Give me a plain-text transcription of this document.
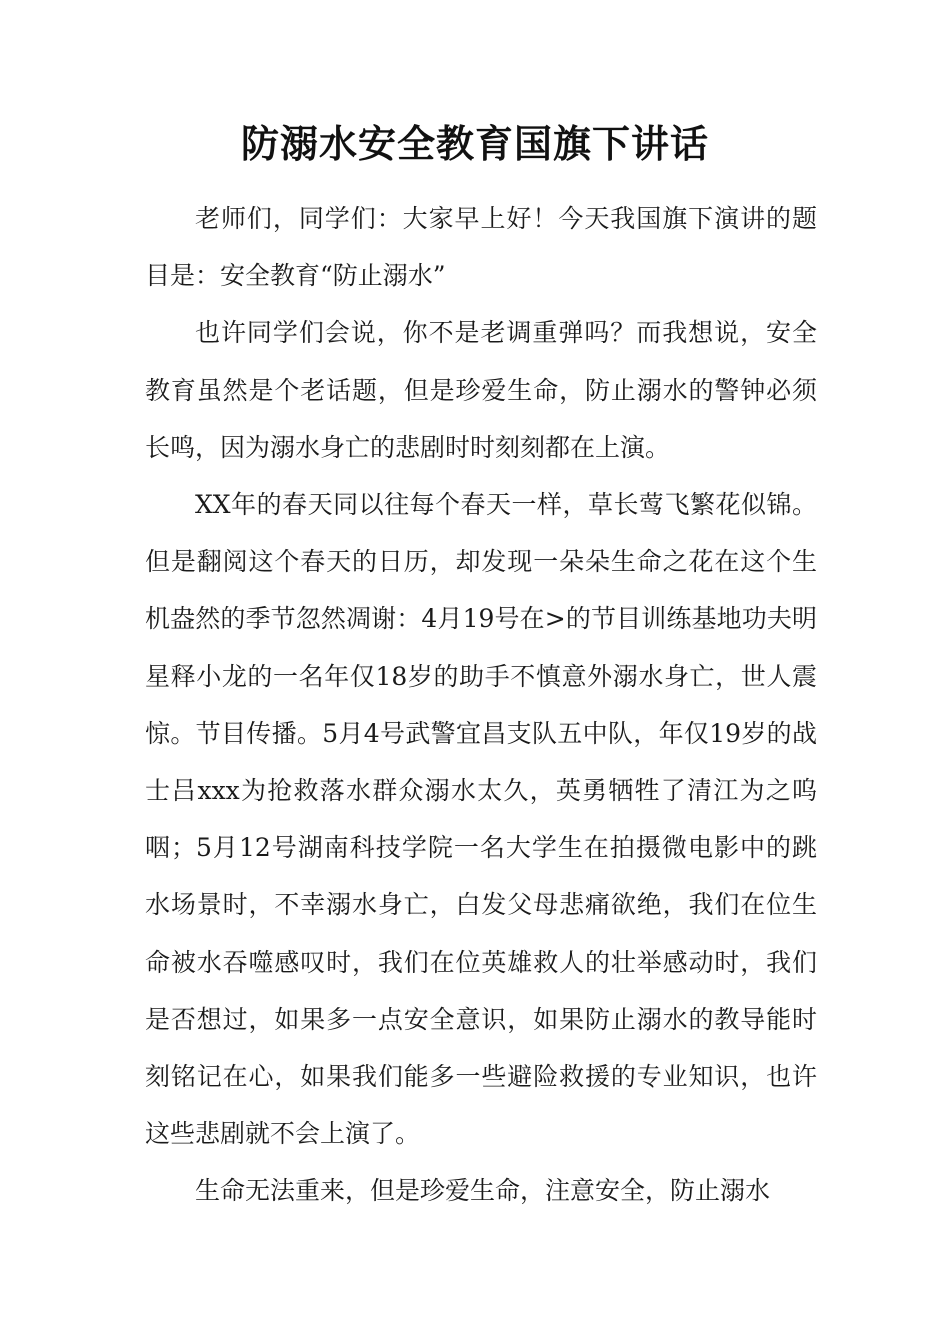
防溺水安全教育国旗下讲话

老师们，同学们：大家早上好！今天我国旗下演讲的题目是：安全教育“防止溺水”

也许同学们会说，你不是老调重弹吗？而我想说，安全教育虽然是个老话题，但是珍爱生命，防止溺水的警钟必须长鸣，因为溺水身亡的悲剧时时刻刻都在上演。

XX年的春天同以往每个春天一样，草长莺飞繁花似锦。但是翻阅这个春天的日历，却发现一朵朵生命之花在这个生机盎然的季节忽然凋谢：4月19号在>的节目训练基地功夫明星释小龙的一名年仅18岁的助手不慎意外溺水身亡，世人震惊。节目传播。5月4号武警宜昌支队五中队，年仅19岁的战士吕xxx为抢救落水群众溺水太久，英勇牺牲了清江为之呜咽；5月12号湖南科技学院一名大学生在拍摄微电影中的跳水场景时，不幸溺水身亡，白发父母悲痛欲绝，我们在位生命被水吞噬感叹时，我们在位英雄救人的壮举感动时，我们是否想过，如果多一点安全意识，如果防止溺水的教导能时刻铭记在心，如果我们能多一些避险救援的专业知识，也许这些悲剧就不会上演了。

生命无法重来，但是珍爱生命，注意安全，防止溺水
